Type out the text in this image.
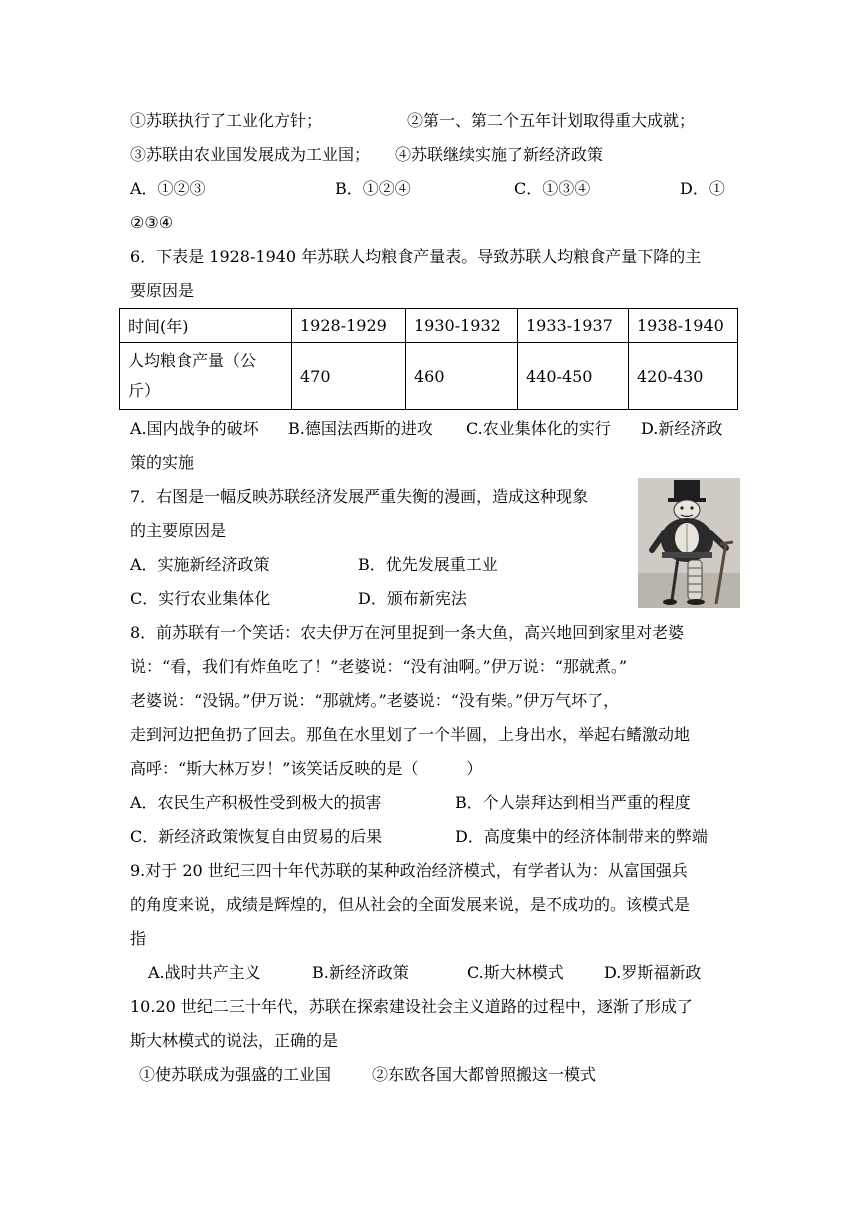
①苏联执行了工业化方针；	②第一、第二个五年计划取得重大成就；
③苏联由农业国发展成为工业国； ④苏联继续实施了新经济政策
A．①②③	B．①②④	C．①③④	D．①
②③④
6．下表是 1928-1940 年苏联人均粮食产量表。导致苏联人均粮食产量下降的主
要原因是
时间(年)	1928-1929	1930-1932	1933-1937	1938-1940

人均粮食产量（公
斤）	470	460	440-450	420-430
A.国内战争的破坏 B.德国法西斯的进攻 C.农业集体化的实行 D.新经济政
策的实施
7．右图是一幅反映苏联经济发展严重失衡的漫画，造成这种现象
的主要原因是
A．实施新经济政策	B．优先发展重工业
C．实行农业集体化	D．颁布新宪法
8．前苏联有一个笑话：农夫伊万在河里捉到一条大鱼，高兴地回到家里对老婆
说：“看，我们有炸鱼吃了！”老婆说：“没有油啊。”伊万说：“那就煮。”
老婆说：“没锅。”伊万说：“那就烤。”老婆说：“没有柴。”伊万气坏了，
走到河边把鱼扔了回去。那鱼在水里划了一个半圆，上身出水，举起右鳍激动地
高呼：“斯大林万岁！”该笑话反映的是（　　　）
A．农民生产积极性受到极大的损害	B．个人崇拜达到相当严重的程度
C．新经济政策恢复自由贸易的后果	D．高度集中的经济体制带来的弊端
9.对于 20 世纪三四十年代苏联的某种政治经济模式，有学者认为：从富国强兵
的角度来说，成绩是辉煌的，但从社会的全面发展来说，是不成功的。该模式是
指
A.战时共产主义	B.新经济政策	C.斯大林模式	D.罗斯福新政
10.20 世纪二三十年代，苏联在探索建设社会主义道路的过程中，逐渐了形成了
斯大林模式的说法，正确的是
①使苏联成为强盛的工业国	②东欧各国大都曾照搬这一模式
